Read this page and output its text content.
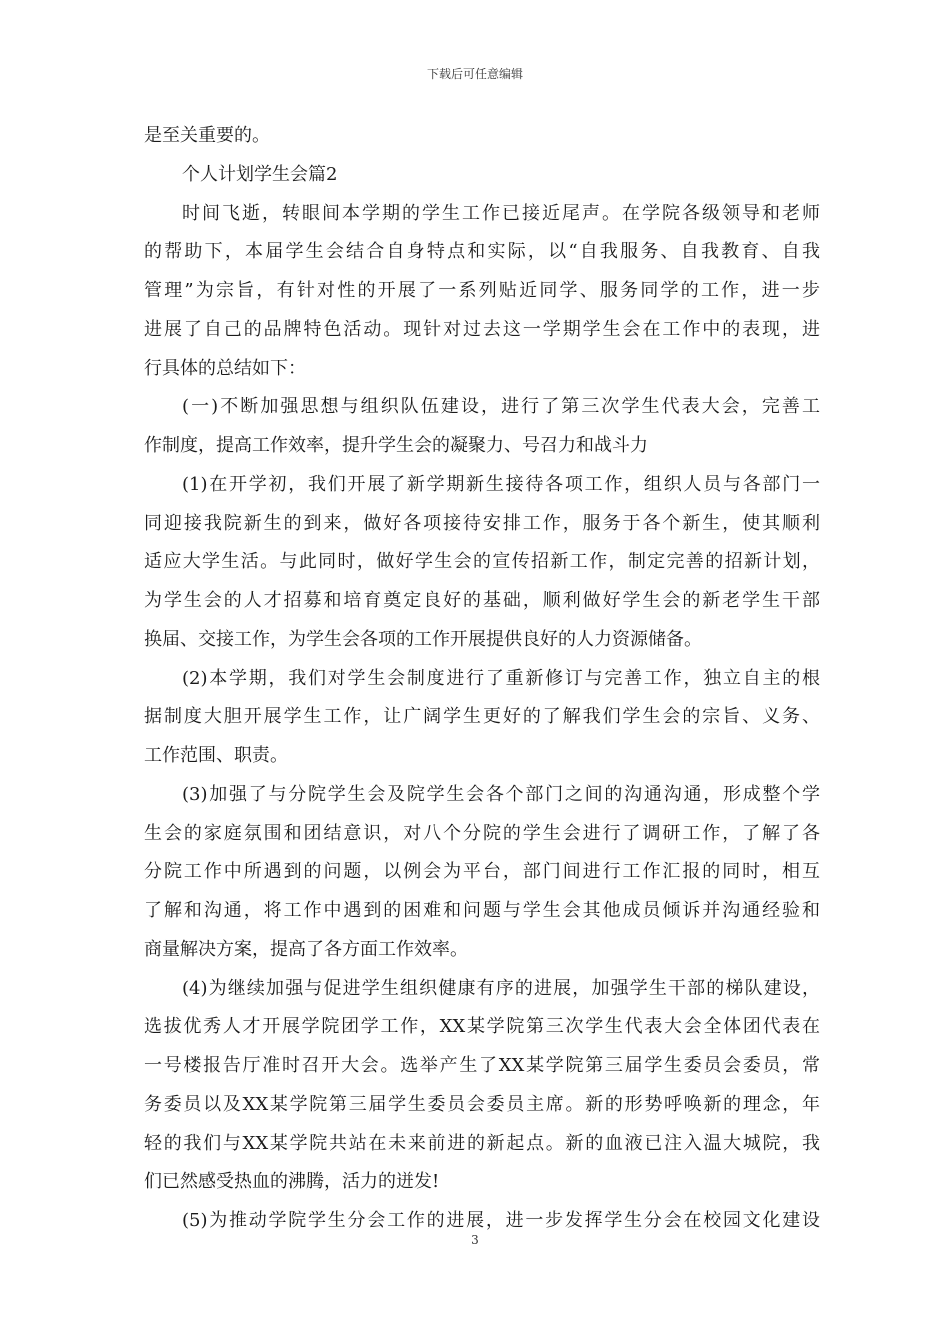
下载后可任意编辑
是至关重要的。
个人计划学生会篇2
时间飞逝，转眼间本学期的学生工作已接近尾声。在学院各级领导和老师
的帮助下，本届学生会结合自身特点和实际，以“自我服务、自我教育、自我
管理”为宗旨，有针对性的开展了一系列贴近同学、服务同学的工作，进一步
进展了自己的品牌特色活动。现针对过去这一学期学生会在工作中的表现，进
行具体的总结如下：
(一)不断加强思想与组织队伍建设，进行了第三次学生代表大会，完善工
作制度，提高工作效率，提升学生会的凝聚力、号召力和战斗力
(1)在开学初，我们开展了新学期新生接待各项工作，组织人员与各部门一
同迎接我院新生的到来，做好各项接待安排工作，服务于各个新生，使其顺利
适应大学生活。与此同时，做好学生会的宣传招新工作，制定完善的招新计划，
为学生会的人才招募和培育奠定良好的基础，顺利做好学生会的新老学生干部
换届、交接工作，为学生会各项的工作开展提供良好的人力资源储备。
(2)本学期，我们对学生会制度进行了重新修订与完善工作，独立自主的根
据制度大胆开展学生工作，让广阔学生更好的了解我们学生会的宗旨、义务、
工作范围、职责。
(3)加强了与分院学生会及院学生会各个部门之间的沟通沟通，形成整个学
生会的家庭氛围和团结意识，对八个分院的学生会进行了调研工作，了解了各
分院工作中所遇到的问题，以例会为平台，部门间进行工作汇报的同时，相互
了解和沟通，将工作中遇到的困难和问题与学生会其他成员倾诉并沟通经验和
商量解决方案，提高了各方面工作效率。
(4)为继续加强与促进学生组织健康有序的进展，加强学生干部的梯队建设，
选拔优秀人才开展学院团学工作，XX某学院第三次学生代表大会全体团代表在
一号楼报告厅准时召开大会。选举产生了XX某学院第三届学生委员会委员，常
务委员以及XX某学院第三届学生委员会委员主席。新的形势呼唤新的理念，年
轻的我们与XX某学院共站在未来前进的新起点。新的血液已注入温大城院，我
们已然感受热血的沸腾，活力的迸发!
(5)为推动学院学生分会工作的进展，进一步发挥学生分会在校园文化建设
3
